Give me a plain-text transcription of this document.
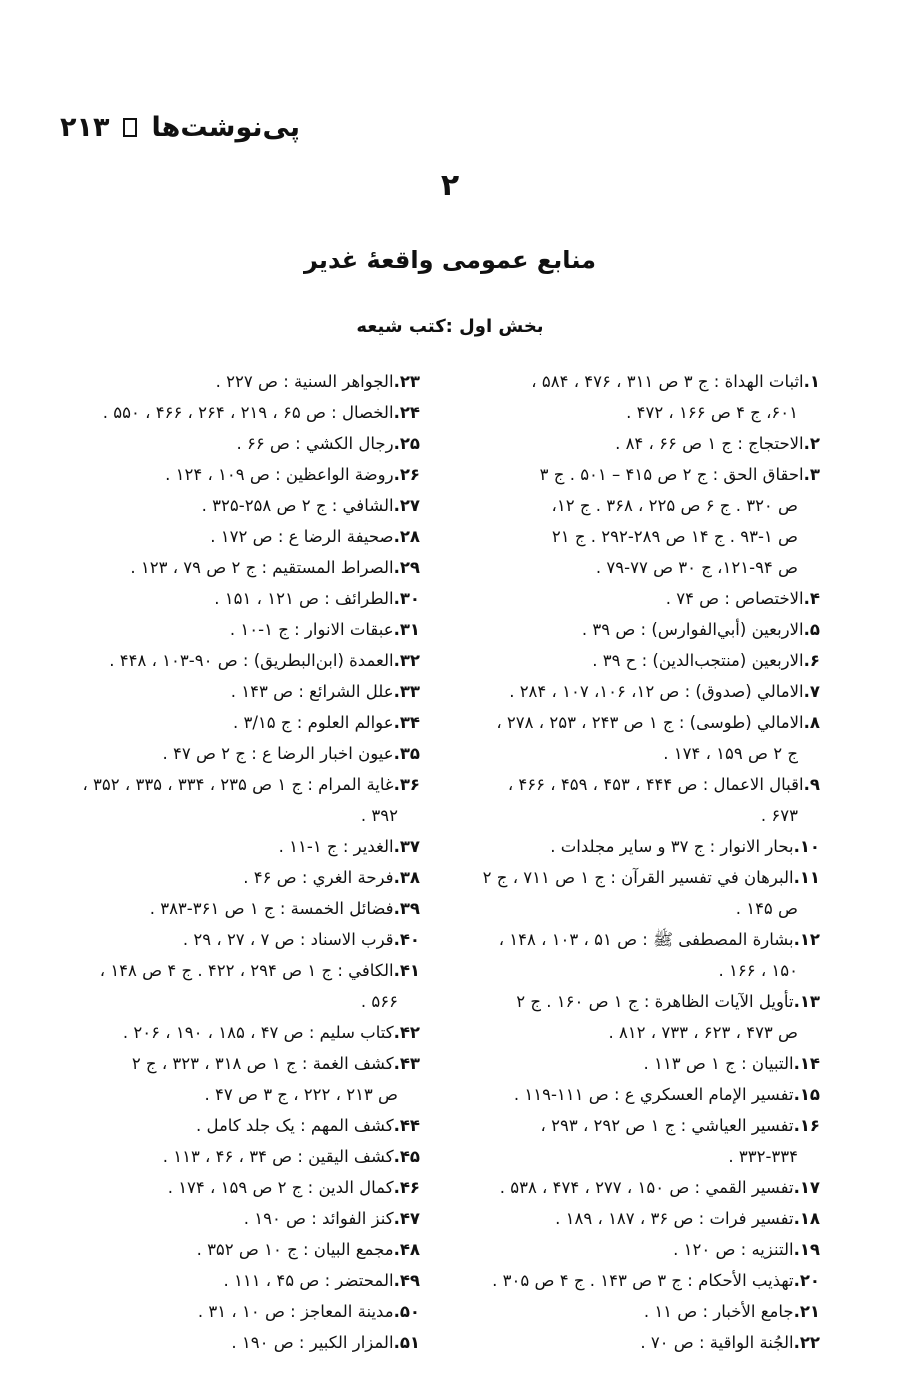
پی‌نوشت‌ها
۲۱۳
۲
منابع عمومی واقعۀ غدیر
بخش اول :کتب شیعه
۱.اثبات الهداة : ج ۳ ص ۳۱۱ ، ۴۷۶ ، ۵۸۴ ،
۶۰۱، ج ۴ ص ۱۶۶ ، ۴۷۲ .
۲.الاحتجاج : ج ۱ ص ۶۶ ، ۸۴ .
۳.احقاق الحق : ج ۲ ص ۴۱۵ – ۵۰۱ . ج ۳
ص ۳۲۰ . ج ۶ ص ۲۲۵ ، ۳۶۸ . ج ۱۲،
ص ۱-۹۳ . ج ۱۴ ص ۲۸۹-۲۹۲ . ج ۲۱
ص ۹۴-۱۲۱، ج ۳۰ ص ۷۷-۷۹ .
۴.الاختصاص : ص ۷۴ .
۵.الاربعین (أبي‌الفوارس) : ص ۳۹ .
۶.الاربعین (منتجب‌الدین) : ح ۳۹ .
۷.الامالي (صدوق) : ص ۱۲، ۱۰۶، ۱۰۷ ، ۲۸۴ .
۸.الامالي (طوسی) : ج ۱ ص ۲۴۳ ، ۲۵۳ ، ۲۷۸ ،
ج ۲ ص ۱۵۹ ، ۱۷۴ .
۹.اقبال الاعمال : ص ۴۴۴ ، ۴۵۳ ، ۴۵۹ ، ۴۶۶ ،
۶۷۳ .
۱۰.بحار الانوار : ج ۳۷ و سایر مجلدات .
۱۱.البرهان في تفسیر القرآن : ج ۱ ص ۷۱۱ ، ج ۲
ص ۱۴۵ .
۱۲.بشارة المصطفی ﷺ : ص ۵۱ ، ۱۰۳ ، ۱۴۸ ،
۱۵۰ ، ۱۶۶ .
۱۳.تأویل الآیات الظاهرة : ج ۱ ص ۱۶۰ . ج ۲
ص ۴۷۳ ، ۶۲۳ ، ۷۳۳ ، ۸۱۲ .
۱۴.التبیان : ج ۱ ص ۱۱۳ .
۱۵.تفسیر الإمام العسكري ع : ص ۱۱۱-۱۱۹ .
۱۶.تفسیر العیاشي : ج ۱ ص ۲۹۲ ، ۲۹۳ ،
۳۳۲-۳۳۴ .
۱۷.تفسیر القمي : ص ۱۵۰ ، ۲۷۷ ، ۴۷۴ ، ۵۳۸ .
۱۸.تفسیر فرات : ص ۳۶ ، ۱۸۷ ، ۱۸۹ .
۱۹.التنزیه : ص ۱۲۰ .
۲۰.تهذیب الأحکام : ج ۳ ص ۱۴۳ . ج ۴ ص ۳۰۵ .
۲۱.جامع الأخبار : ص ۱۱ .
۲۲.الجُنة الواقیة : ص ۷۰ .
۲۳.الجواهر السنیة : ص ۲۲۷ .
۲۴.الخصال : ص ۶۵ ، ۲۱۹ ، ۲۶۴ ، ۴۶۶ ، ۵۵۰ .
۲۵.رجال الكشي : ص ۶۶ .
۲۶.روضة الواعظین : ص ۱۰۹ ، ۱۲۴ .
۲۷.الشافي : ج ۲ ص ۲۵۸-۳۲۵ .
۲۸.صحیفة الرضا ع : ص ۱۷۲ .
۲۹.الصراط المستقیم : ج ۲ ص ۷۹ ، ۱۲۳ .
۳۰.الطرائف : ص ۱۲۱ ، ۱۵۱ .
۳۱.عبقات الانوار : ج ۱-۱۰ .
۳۲.العمدة (ابن‌البطریق) : ص ۹۰-۱۰۳ ، ۴۴۸ .
۳۳.علل الشرائع : ص ۱۴۳ .
۳۴.عوالم العلوم : ج ۳/۱۵ .
۳۵.عیون اخبار الرضا ع : ج ۲ ص ۴۷ .
۳۶.غایة المرام : ج ۱ ص ۲۳۵ ، ۳۳۴ ، ۳۳۵ ، ۳۵۲ ،
۳۹۲ .
۳۷.الغدیر : ج ۱-۱۱ .
۳۸.فرحة الغري : ص ۴۶ .
۳۹.فضائل الخمسة : ج ۱ ص ۳۶۱-۳۸۳ .
۴۰.قرب الاسناد : ص ۷ ، ۲۷ ، ۲۹ .
۴۱.الكافي : ج ۱ ص ۲۹۴ ، ۴۲۲ . ج ۴ ص ۱۴۸ ،
۵۶۶ .
۴۲.کتاب سلیم : ص ۴۷ ، ۱۸۵ ، ۱۹۰ ، ۲۰۶ .
۴۳.کشف الغمة : ج ۱ ص ۳۱۸ ، ۳۲۳ ، ج ۲
ص ۲۱۳ ، ۲۲۲ ، ج ۳ ص ۴۷ .
۴۴.کشف المهم : یک جلد کامل .
۴۵.کشف الیقین : ص ۳۴ ، ۴۶ ، ۱۱۳ .
۴۶.کمال الدین : ج ۲ ص ۱۵۹ ، ۱۷۴ .
۴۷.کنز الفوائد : ص ۱۹۰ .
۴۸.مجمع البیان : ج ۱۰ ص ۳۵۲ .
۴۹.المحتضر : ص ۴۵ ، ۱۱۱ .
۵۰.مدینة المعاجز : ص ۱۰ ، ۳۱ .
۵۱.المزار الكبیر : ص ۱۹۰ .
